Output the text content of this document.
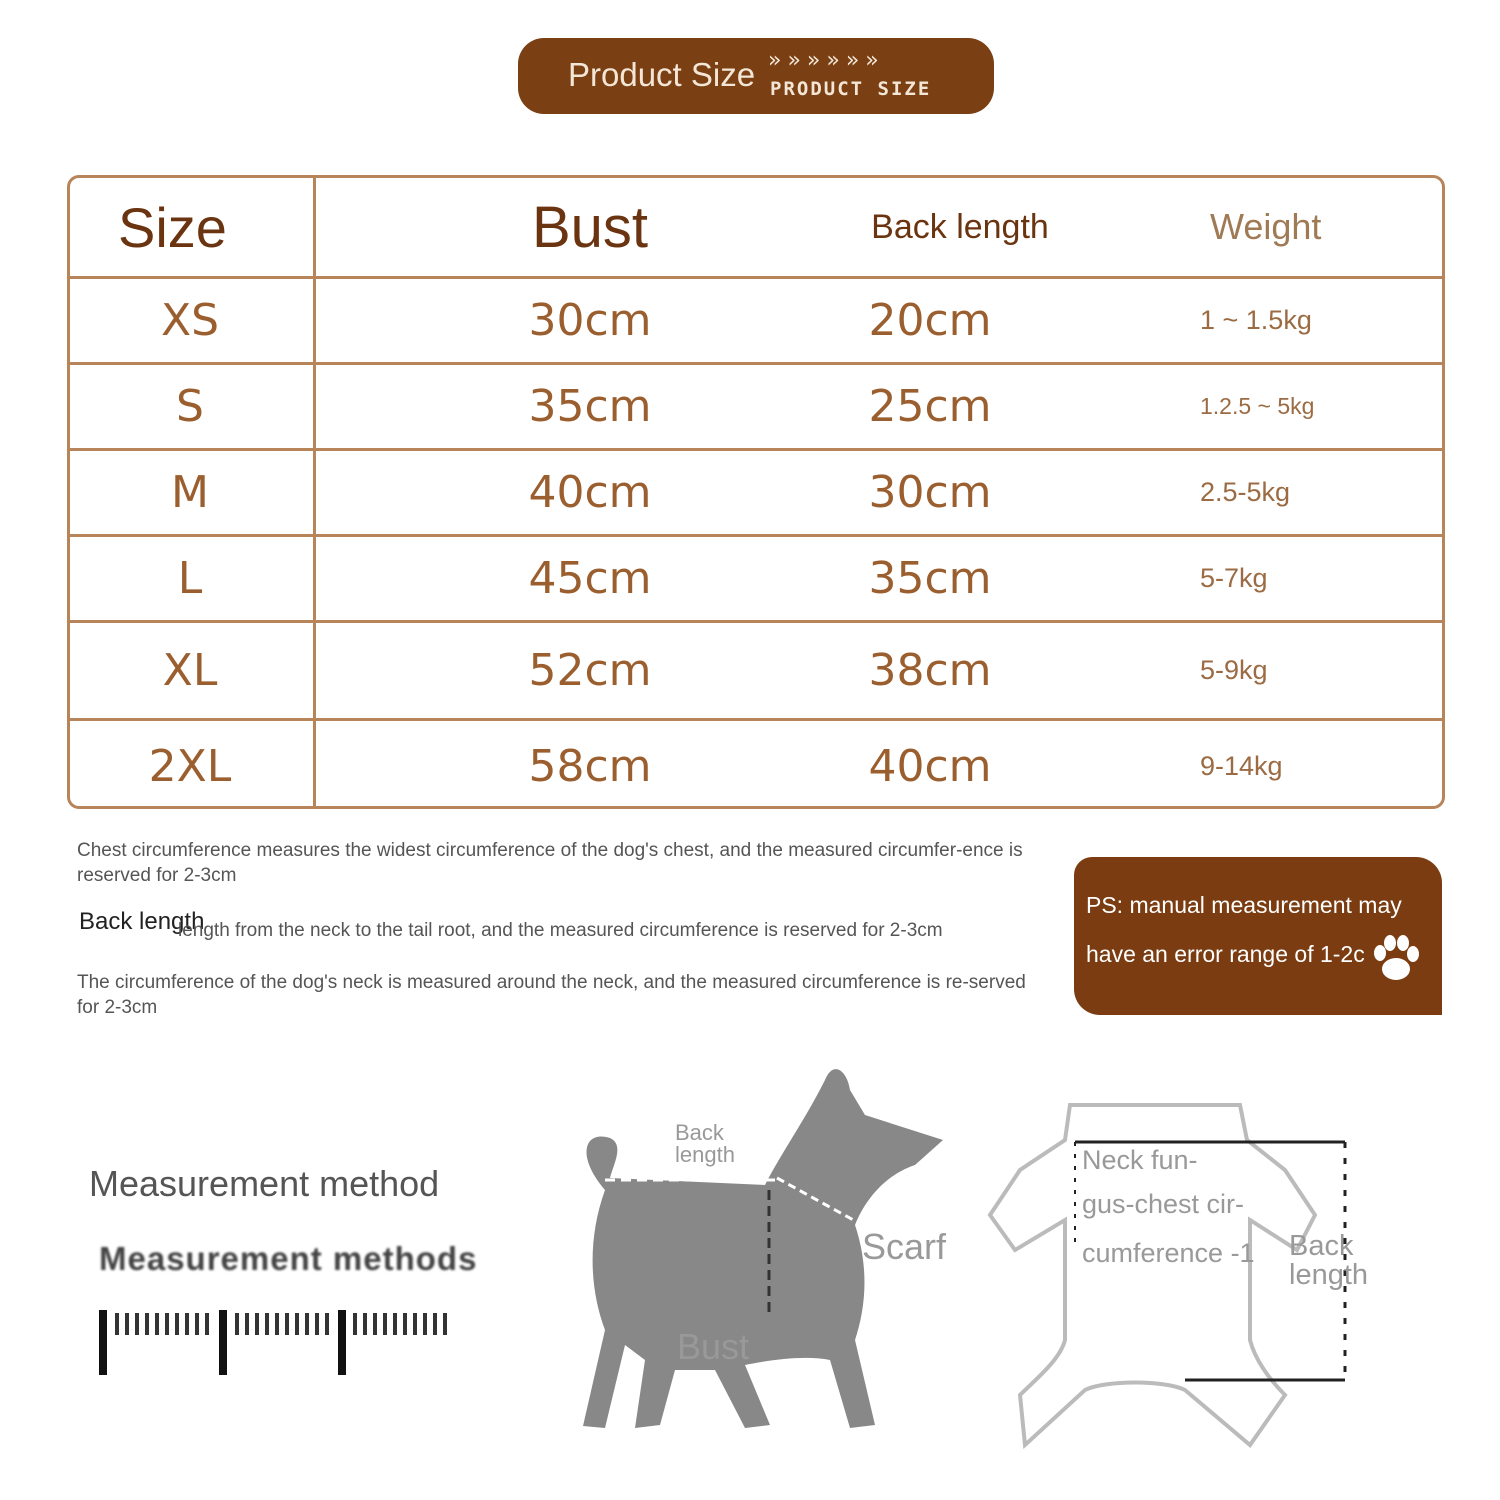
Product Size »»»»»»
PRODUCT SIZE
Size	Bust	Back length	Weight
XS	30cm	20cm	1 ~ 1.5kg
S	35cm	25cm	1.2.5 ~ 5kg
M	40cm	30cm	2.5-5kg
L	45cm	35cm	5-7kg
XL	52cm	38cm	5-9kg
2XL	58cm	40cm	9-14kg
Chest circumference measures the widest circumference of the dog's chest, and the measured circumfer-ence is reserved for 2-3cm
Back length
length from the neck to the tail root, and the measured circumference is reserved for 2-3cm
The circumference of the dog's neck is measured around the neck, and the measured circumference is re-served for 2-3cm
PS: manual measurement may
have an error range of 1-2c
Measurement method
Measurement methods
Back length
Scarf
Bust
Neck fun-
gus-chest cir-
cumference -1 Back length
